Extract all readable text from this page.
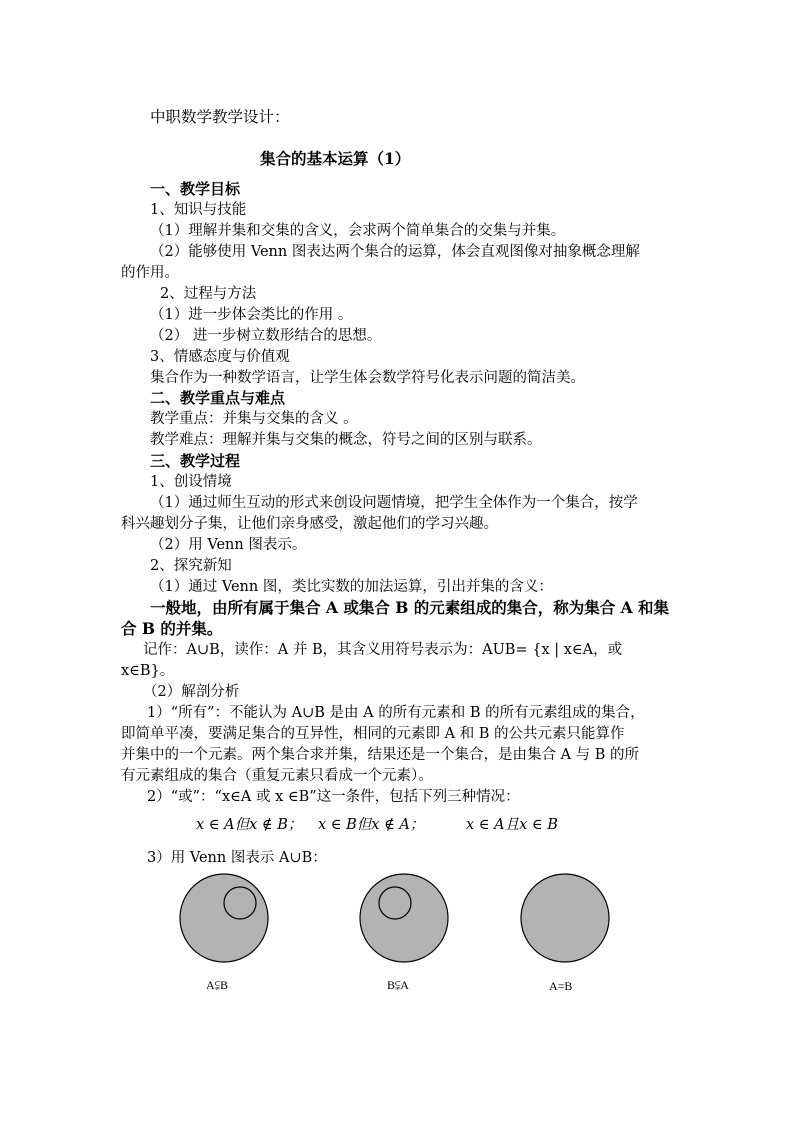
中职数学教学设计：
集合的基本运算（1）
一、教学目标
1、知识与技能
（1）理解并集和交集的含义，会求两个简单集合的交集与并集。
（2）能够使用 Venn 图表达两个集合的运算，体会直观图像对抽象概念理解
的作用。
2、过程与方法
（1）进一步体会类比的作用 。
（2） 进一步树立数形结合的思想。
3、情感态度与价值观
集合作为一种数学语言，让学生体会数学符号化表示问题的简洁美。
二、教学重点与难点
教学重点：并集与交集的含义 。
教学难点：理解并集与交集的概念，符号之间的区别与联系。
三、教学过程
1、创设情境
（1）通过师生互动的形式来创设问题情境，把学生全体作为一个集合，按学
科兴趣划分子集，让他们亲身感受，激起他们的学习兴趣。
（2）用 Venn 图表示。
2、探究新知
（1）通过 Venn 图，类比实数的加法运算，引出并集的含义：
一般地，由所有属于集合 A 或集合 B 的元素组成的集合，称为集合 A 和集
合 B 的并集。
记作：A∪B，读作：A 并 B，其含义用符号表示为：AUB= {x | x∈A，或
x∈B}。
（2）解剖分析
1）“所有”：不能认为 A∪B 是由 A 的所有元素和 B 的所有元素组成的集合，
即简单平凑，要满足集合的互异性，相同的元素即 A 和 B 的公共元素只能算作
并集中的一个元素。两个集合求并集，结果还是一个集合，是由集合 A 与 B 的所
有元素组成的集合（重复元素只看成一个元素）。
2）“或”：“x∈A 或 x ∈B”这一条件，包括下列三种情况：
x ∈ A但x ∉ B； x ∈ B但x ∉ A；	x ∈ A且x ∈ B
3）用 Venn 图表示 A∪B：
A⫋B	B⫋A	A=B
